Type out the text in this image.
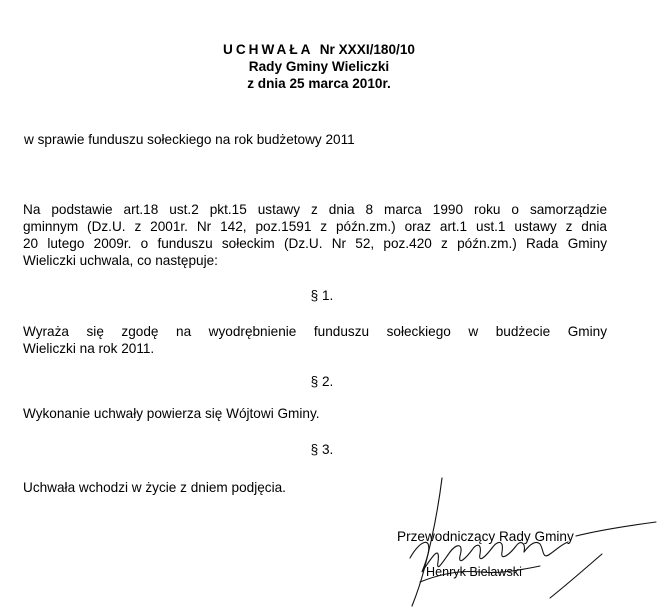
UCHWAŁA Nr XXXI/180/10
Rady Gminy Wieliczki
z dnia 25 marca 2010r.
w sprawie funduszu sołeckiego na rok budżetowy 2011
Na podstawie art.18 ust.2 pkt.15 ustawy z dnia 8 marca 1990 roku o samorządzie
gminnym (Dz.U. z 2001r. Nr 142, poz.1591 z późn.zm.) oraz art.1 ust.1 ustawy z dnia
20 lutego 2009r. o funduszu sołeckim (Dz.U. Nr 52, poz.420 z późn.zm.) Rada Gminy
Wieliczki uchwala, co następuje:
§ 1.
Wyraża się zgodę na wyodrębnienie funduszu sołeckiego w budżecie Gminy
Wieliczki na rok 2011.
§ 2.
Wykonanie uchwały powierza się Wójtowi Gminy.
§ 3.
Uchwała wchodzi w życie z dniem podjęcia.
Przewodniczący Rady Gminy
Henryk Bielawski
